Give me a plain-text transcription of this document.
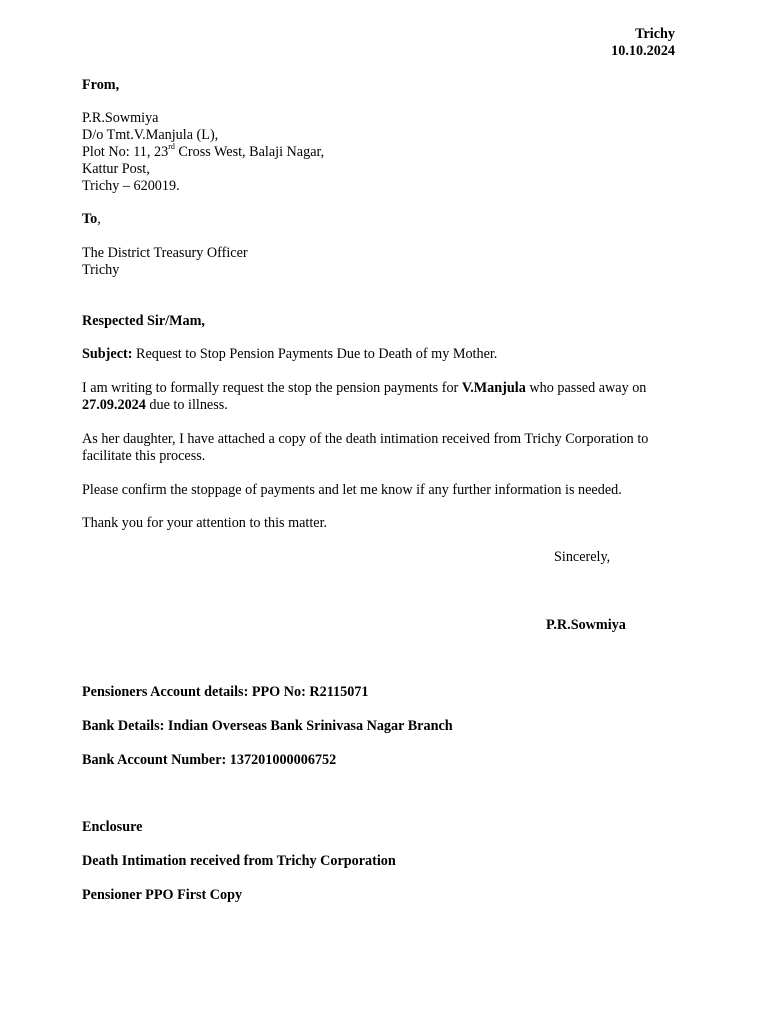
Trichy
10.10.2024
From,
P.R.Sowmiya
D/o Tmt.V.Manjula (L),
Plot No: 11, 23rd Cross West, Balaji Nagar,
Kattur Post,
Trichy – 620019.
To,
The District Treasury Officer
Trichy
Respected Sir/Mam,
Subject: Request to Stop Pension Payments Due to Death of my Mother.
I am writing to formally request the stop the pension payments for V.Manjula who passed away on 27.09.2024 due to illness.
As her daughter, I have attached a copy of the death intimation received from Trichy Corporation to facilitate this process.
Please confirm the stoppage of payments and let me know if any further information is needed.
Thank you for your attention to this matter.
Sincerely,
P.R.Sowmiya
Pensioners Account details: PPO No: R2115071
Bank Details: Indian Overseas Bank Srinivasa Nagar Branch
Bank Account Number: 137201000006752
Enclosure
Death Intimation received from Trichy Corporation
Pensioner PPO First Copy
